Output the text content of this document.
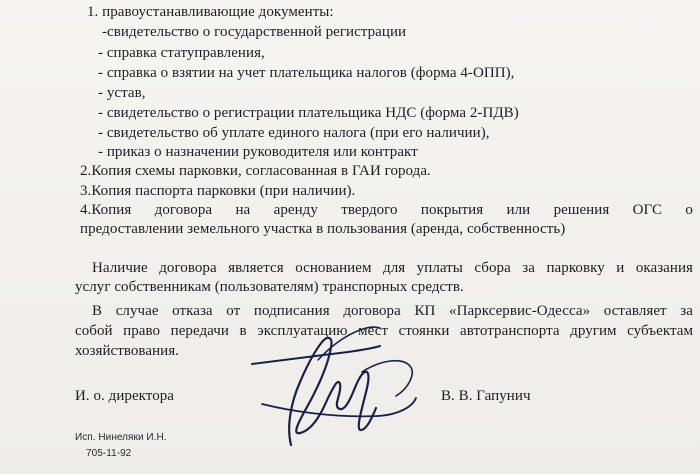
1. правоустанавливающие документы:
-свидетельство о государственной регистрации
- справка статуправления,
- справка о взятии на учет плательщика налогов (форма 4-ОПП),
- устав,
- свидетельство о регистрации плательщика НДС (форма 2-ПДВ)
- свидетельство об уплате единого налога (при его наличии),
- приказ о назначении руководителя или контракт
2.Копия схемы парковки, согласованная в ГАИ города.
3.Копия паспорта парковки (при наличии).
4.Копия договора на аренду твердого покрытия или решения ОГС о
предоставлении земельного участка в пользования (аренда, собственность)
Наличие договора является основанием для уплаты сбора за парковку и оказания
услуг собственникам (пользователям) транспорных средств.
В случае отказа от подписания договора КП «Парксервис-Одесса» оставляет за
собой право передачи в эксплуатацию мест стоянки автотранспорта другим субъектам
хозяйствования.
И. о. директора	В. В. Гапунич
Исп. Нинеляки И.Н.
705-11-92
